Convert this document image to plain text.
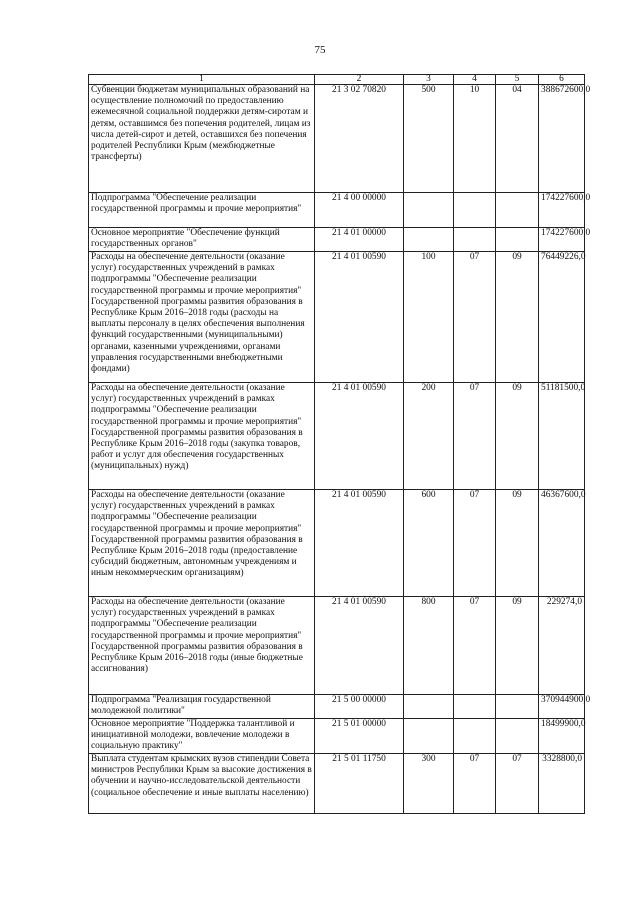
75
1	2	3	4	5	6
Субвенции бюджетам муниципальных образований на осуществление полномочий по предоставлению ежемесячной социальной поддержки детям-сиротам и детям, оставшимся без попечения родителей, лицам из числа детей-сирот и детей, оставшихся без попечения родителей Республики Крым (межбюджетные трансферты)	21 3 02 70820	500	10	04	388672600,0
Подпрограмма "Обеспечение реализации государственной программы и прочие мероприятия"	21 4 00 00000				174227600,0
Основное мероприятие "Обеспечение функций государственных органов"	21 4 01 00000				174227600,0
Расходы на обеспечение деятельности (оказание услуг) государственных учреждений в рамках подпрограммы "Обеспечение реализации государственной программы и прочие мероприятия" Государственной программы развития образования в Республике Крым 2016–2018 годы (расходы на выплаты персоналу в целях обеспечения выполнения функций государственными (муниципальными) органами, казенными учреждениями, органами управления государственными внебюджетными фондами)	21 4 01 00590	100	07	09	76449226,0
Расходы на обеспечение деятельности (оказание услуг) государственных учреждений в рамках подпрограммы "Обеспечение реализации государственной программы и прочие мероприятия" Государственной программы развития образования в Республике Крым 2016–2018 годы (закупка товаров, работ и услуг для обеспечения государственных (муниципальных) нужд)	21 4 01 00590	200	07	09	51181500,0
Расходы на обеспечение деятельности (оказание услуг) государственных учреждений в рамках подпрограммы "Обеспечение реализации государственной программы и прочие мероприятия" Государственной программы развития образования в Республике Крым 2016–2018 годы (предоставление субсидий бюджетным, автономным учреждениям и иным некоммерческим организациям)	21 4 01 00590	600	07	09	46367600,0
Расходы на обеспечение деятельности (оказание услуг) государственных учреждений в рамках подпрограммы "Обеспечение реализации государственной программы и прочие мероприятия" Государственной программы развития образования в Республике Крым 2016–2018 годы (иные бюджетные ассигнования)	21 4 01 00590	800	07	09	229274,0
Подпрограмма "Реализация государственной молодежной политики"	21 5 00 00000				370944900,0
Основное мероприятие "Поддержка талантливой и инициативной молодежи, вовлечение молодежи в социальную практику"	21 5 01 00000				18499900,0
Выплата студентам крымских вузов стипендии Совета министров Республики Крым за высокие достижения в обучении и научно-исследовательской деятельности (социальное обеспечение и иные выплаты населению)	21 5 01 11750	300	07	07	3328800,0
